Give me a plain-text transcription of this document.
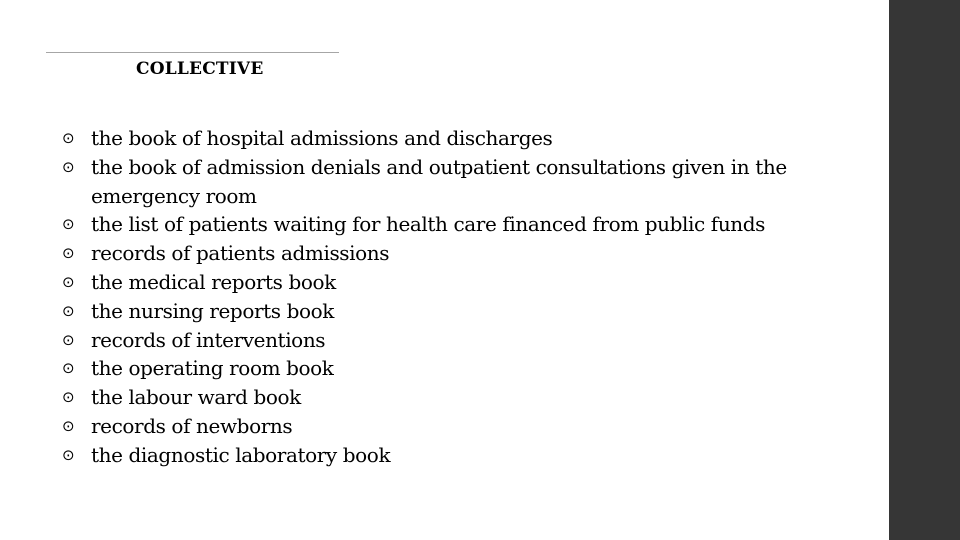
COLLECTIVE
⊙ the book of hospital admissions and discharges
⊙ the book of admission denials and outpatient consultations given in the emergency room
⊙ the list of patients waiting for health care financed from public funds
⊙ records of patients admissions
⊙ the medical reports book
⊙ the nursing reports book
⊙ records of interventions
⊙ the operating room book
⊙ the labour ward book
⊙ records of newborns
⊙ the diagnostic laboratory book
